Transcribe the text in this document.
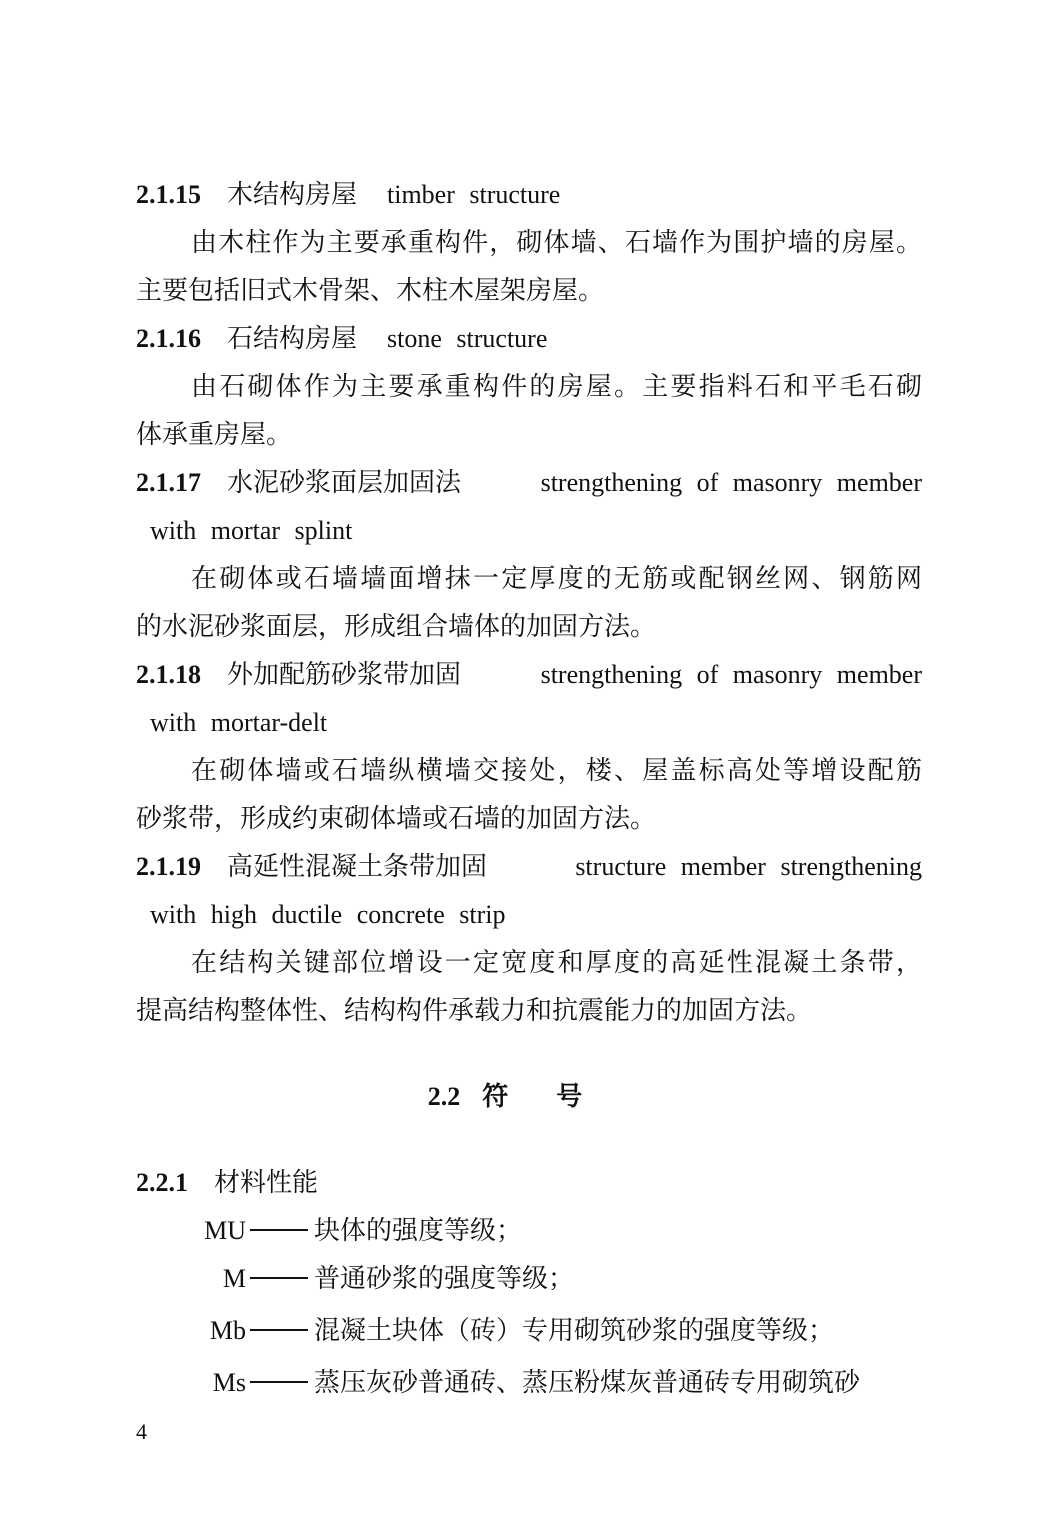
2.1.15 木结构房屋 timber structure
由木柱作为主要承重构件，砌体墙、石墙作为围护墙的房屋。
主要包括旧式木骨架、木柱木屋架房屋。
2.1.16 石结构房屋 stone structure
由石砌体作为主要承重构件的房屋。主要指料石和平毛石砌
体承重房屋。
2.1.17 水泥砂浆面层加固法	strengthening of masonry member
with mortar splint
在砌体或石墙墙面增抹一定厚度的无筋或配钢丝网、钢筋网
的水泥砂浆面层，形成组合墙体的加固方法。
2.1.18 外加配筋砂浆带加固	strengthening of masonry member
with mortar-delt
在砌体墙或石墙纵横墙交接处，楼、屋盖标高处等增设配筋
砂浆带，形成约束砌体墙或石墙的加固方法。
2.1.19 高延性混凝土条带加固	structure member strengthening
with high ductile concrete strip
在结构关键部位增设一定宽度和厚度的高延性混凝土条带，
提高结构整体性、结构构件承载力和抗震能力的加固方法。
2.2 符号
2.2.1 材料性能
MU	块体的强度等级；
M	普通砂浆的强度等级；
Mb	混凝土块体（砖）专用砌筑砂浆的强度等级；
Ms	蒸压灰砂普通砖、蒸压粉煤灰普通砖专用砌筑砂
4
